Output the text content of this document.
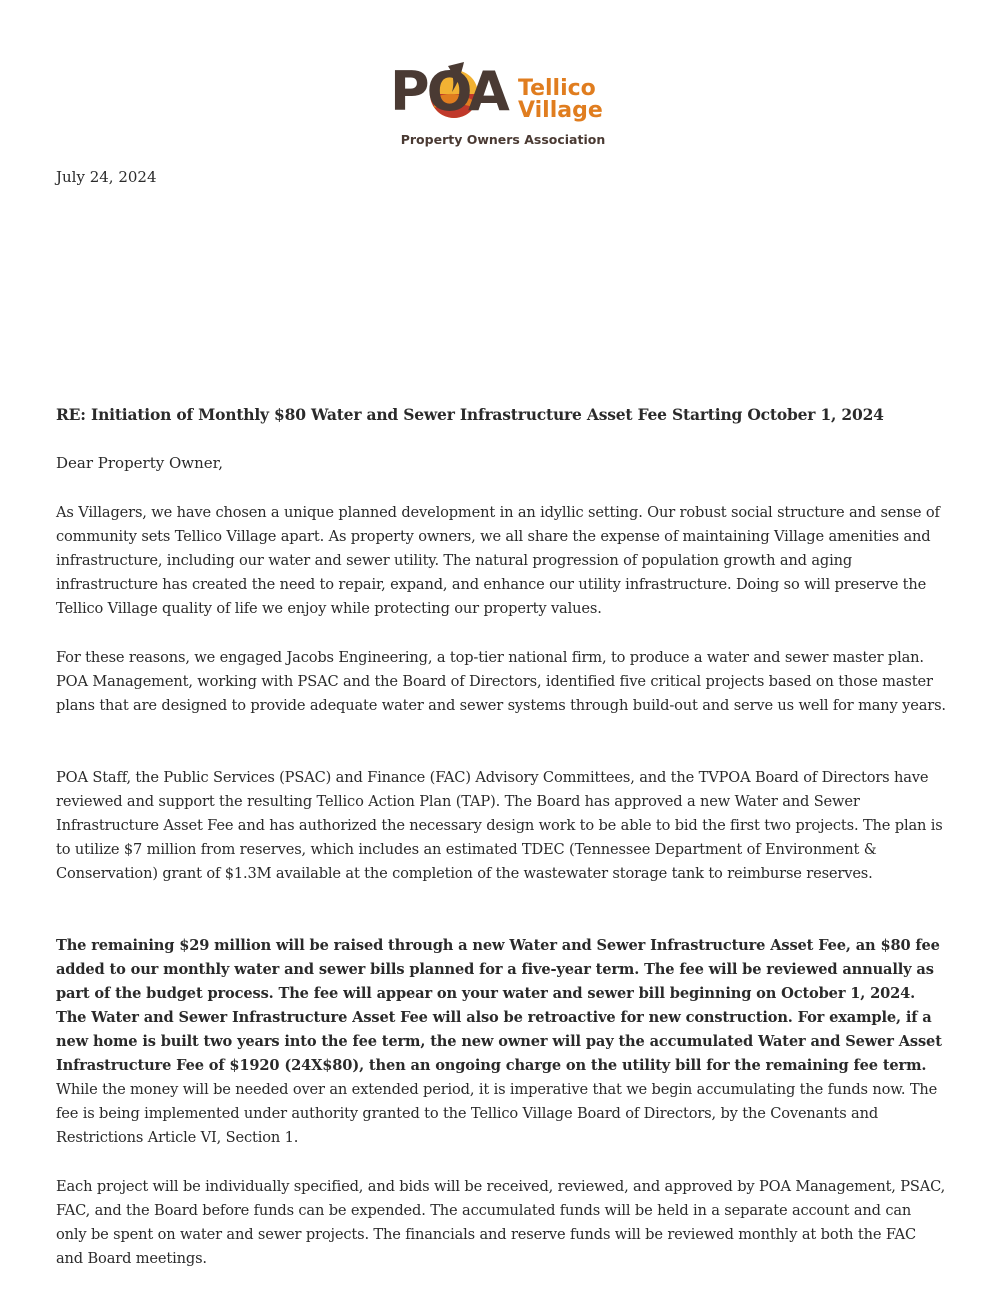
POA Tellico
Village
Property Owners Association
July 24, 2024
RE: Initiation of Monthly $80 Water and Sewer Infrastructure Asset Fee Starting October 1, 2024
Dear Property Owner,

As Villagers, we have chosen a unique planned development in an idyllic setting. Our robust social structure and sense of community sets Tellico Village apart. As property owners, we all share the expense of maintaining Village amenities and infrastructure, including our water and sewer utility. The natural progression of population growth and aging infrastructure has created the need to repair, expand, and enhance our utility infrastructure. Doing so will preserve the Tellico Village quality of life we enjoy while protecting our property values.

For these reasons, we engaged Jacobs Engineering, a top-tier national firm, to produce a water and sewer master plan. POA Management, working with PSAC and the Board of Directors, identified five critical projects based on those master plans that are designed to provide adequate water and sewer systems through build-out and serve us well for many years.

POA Staff, the Public Services (PSAC) and Finance (FAC) Advisory Committees, and the TVPOA Board of Directors have reviewed and support the resulting Tellico Action Plan (TAP). The Board has approved a new Water and Sewer Infrastructure Asset Fee and has authorized the necessary design work to be able to bid the first two projects. The plan is to utilize $7 million from reserves, which includes an estimated TDEC (Tennessee Department of Environment & Conservation) grant of $1.3M available at the completion of the wastewater storage tank to reimburse reserves.

The remaining $29 million will be raised through a new Water and Sewer Infrastructure Asset Fee, an $80 fee added to our monthly water and sewer bills planned for a five-year term. The fee will be reviewed annually as part of the budget process. The fee will appear on your water and sewer bill beginning on October 1, 2024. The Water and Sewer Infrastructure Asset Fee will also be retroactive for new construction. For example, if a new home is built two years into the fee term, the new owner will pay the accumulated Water and Sewer Asset Infrastructure Fee of $1920 (24X$80), then an ongoing charge on the utility bill for the remaining fee term. While the money will be needed over an extended period, it is imperative that we begin accumulating the funds now. The fee is being implemented under authority granted to the Tellico Village Board of Directors, by the Covenants and Restrictions Article VI, Section 1.

Each project will be individually specified, and bids will be received, reviewed, and approved by POA Management, PSAC, FAC, and the Board before funds can be expended. The accumulated funds will be held in a separate account and can only be spent on water and sewer projects. The financials and reserve funds will be reviewed monthly at both the FAC and Board meetings.
